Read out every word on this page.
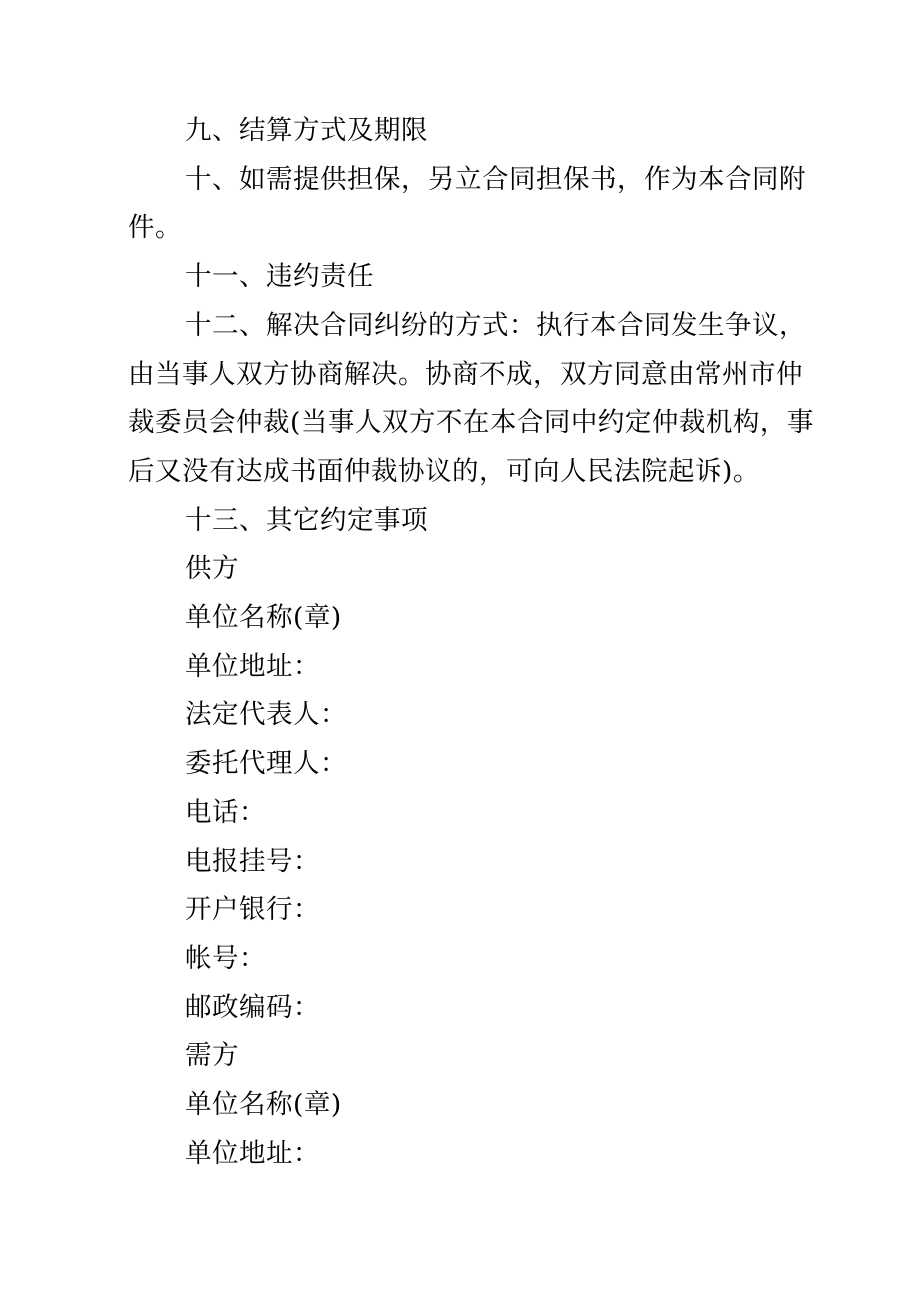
九、结算方式及期限

十、如需提供担保，另立合同担保书，作为本合同附

件。

十一、违约责任

十二、解决合同纠纷的方式：执行本合同发生争议，

由当事人双方协商解决。协商不成，双方同意由常州市仲

裁委员会仲裁(当事人双方不在本合同中约定仲裁机构，事

后又没有达成书面仲裁协议的，可向人民法院起诉)。

十三、其它约定事项

供方

单位名称(章)

单位地址：

法定代表人：

委托代理人：

电话：

电报挂号：

开户银行：

帐号：

邮政编码：

需方

单位名称(章)

单位地址：
